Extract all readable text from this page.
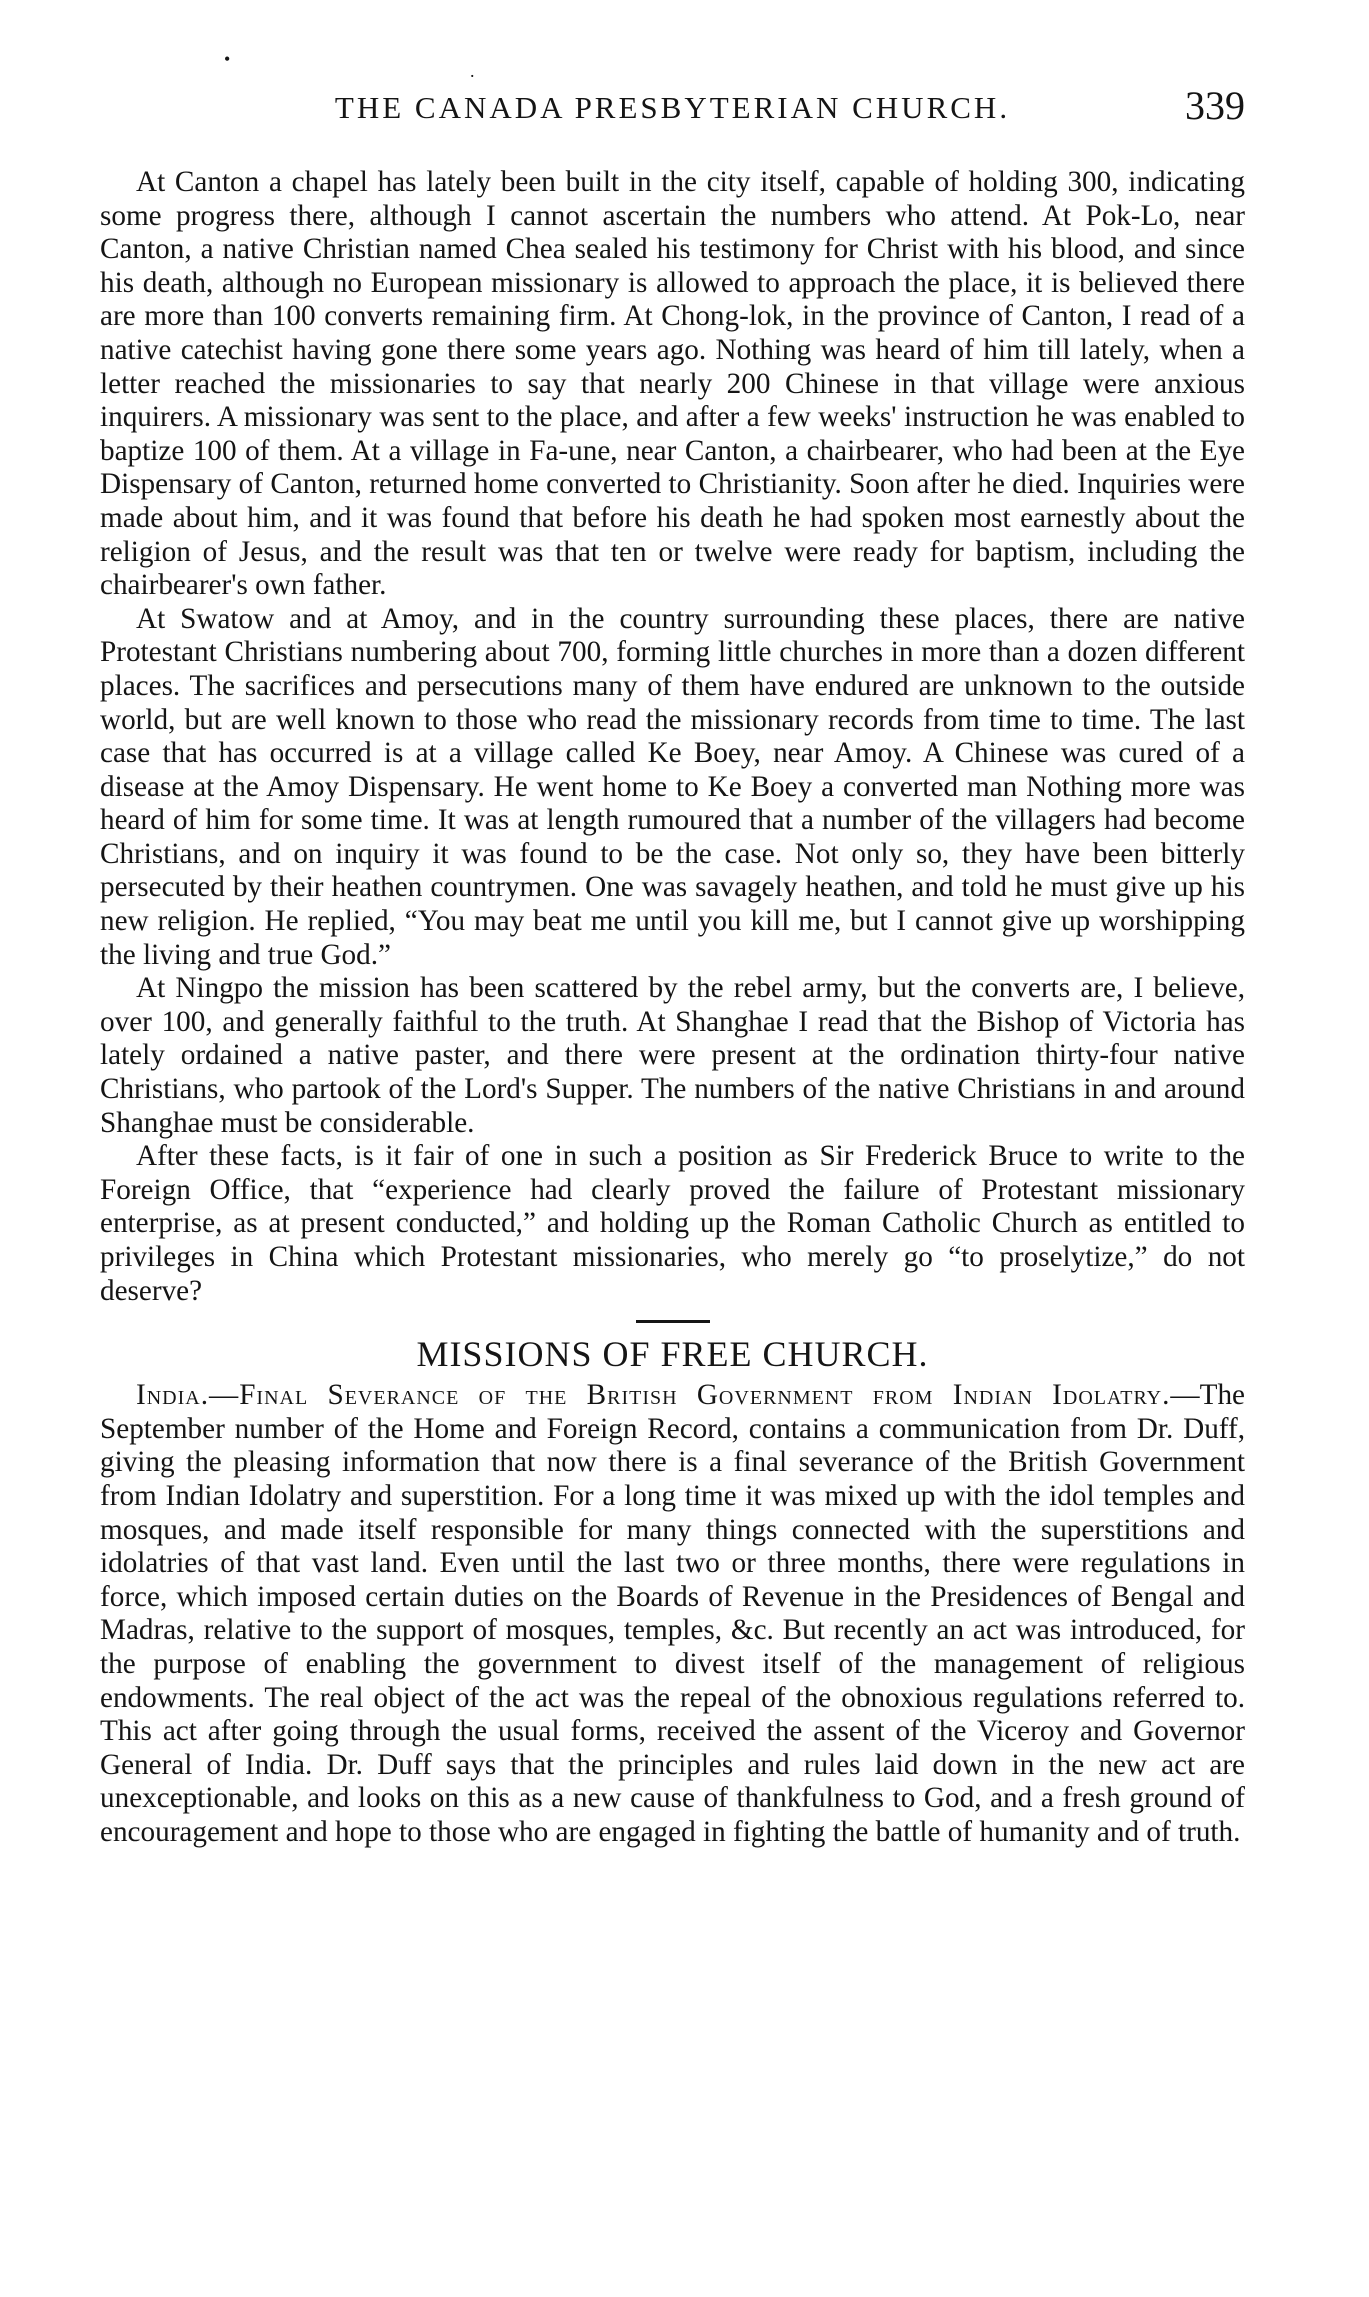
•
.
THE CANADA PRESBYTERIAN CHURCH.	339

At Canton a chapel has lately been built in the city itself, capable of holding 300, indicating some progress there, although I cannot ascertain the numbers who attend. At Pok-Lo, near Canton, a native Christian named Chea sealed his testimony for Christ with his blood, and since his death, although no European missionary is allowed to approach the place, it is believed there are more than 100 converts remaining firm. At Chong-lok, in the province of Canton, I read of a native catechist having gone there some years ago. Nothing was heard of him till lately, when a letter reached the missionaries to say that nearly 200 Chinese in that village were anxious inquirers. A missionary was sent to the place, and after a few weeks' instruction he was enabled to baptize 100 of them. At a village in Fa-une, near Canton, a chairbearer, who had been at the Eye Dispensary of Canton, returned home converted to Christianity. Soon after he died. Inquiries were made about him, and it was found that before his death he had spoken most earnestly about the religion of Jesus, and the result was that ten or twelve were ready for baptism, including the chairbearer's own father.

At Swatow and at Amoy, and in the country surrounding these places, there are native Protestant Christians numbering about 700, forming little churches in more than a dozen different places. The sacrifices and persecutions many of them have endured are unknown to the outside world, but are well known to those who read the missionary records from time to time. The last case that has occurred is at a village called Ke Boey, near Amoy. A Chinese was cured of a disease at the Amoy Dispensary. He went home to Ke Boey a converted man Nothing more was heard of him for some time. It was at length rumoured that a number of the villagers had become Christians, and on inquiry it was found to be the case. Not only so, they have been bitterly persecuted by their heathen countrymen. One was savagely heathen, and told he must give up his new religion. He replied, “You may beat me until you kill me, but I cannot give up worshipping the living and true God.”

At Ningpo the mission has been scattered by the rebel army, but the converts are, I believe, over 100, and generally faithful to the truth. At Shanghae I read that the Bishop of Victoria has lately ordained a native paster, and there were present at the ordination thirty-four native Christians, who partook of the Lord's Supper. The numbers of the native Christians in and around Shanghae must be considerable.

After these facts, is it fair of one in such a position as Sir Frederick Bruce to write to the Foreign Office, that “experience had clearly proved the failure of Protestant missionary enterprise, as at present conducted,” and holding up the Roman Catholic Church as entitled to privileges in China which Protestant missionaries, who merely go “to proselytize,” do not deserve?

MISSIONS OF FREE CHURCH.

India.—Final Severance of the British Government from Indian Idolatry.—The September number of the Home and Foreign Record, contains a communication from Dr. Duff, giving the pleasing information that now there is a final severance of the British Government from Indian Idolatry and superstition. For a long time it was mixed up with the idol temples and mosques, and made itself responsible for many things connected with the superstitions and idolatries of that vast land. Even until the last two or three months, there were regulations in force, which imposed certain duties on the Boards of Revenue in the Presidences of Bengal and Madras, relative to the support of mosques, temples, &c. But recently an act was introduced, for the purpose of enabling the government to divest itself of the management of religious endowments. The real object of the act was the repeal of the obnoxious regulations referred to. This act after going through the usual forms, received the assent of the Viceroy and Governor General of India. Dr. Duff says that the principles and rules laid down in the new act are unexceptionable, and looks on this as a new cause of thankfulness to God, and a fresh ground of encouragement and hope to those who are engaged in fighting the battle of humanity and of truth.
